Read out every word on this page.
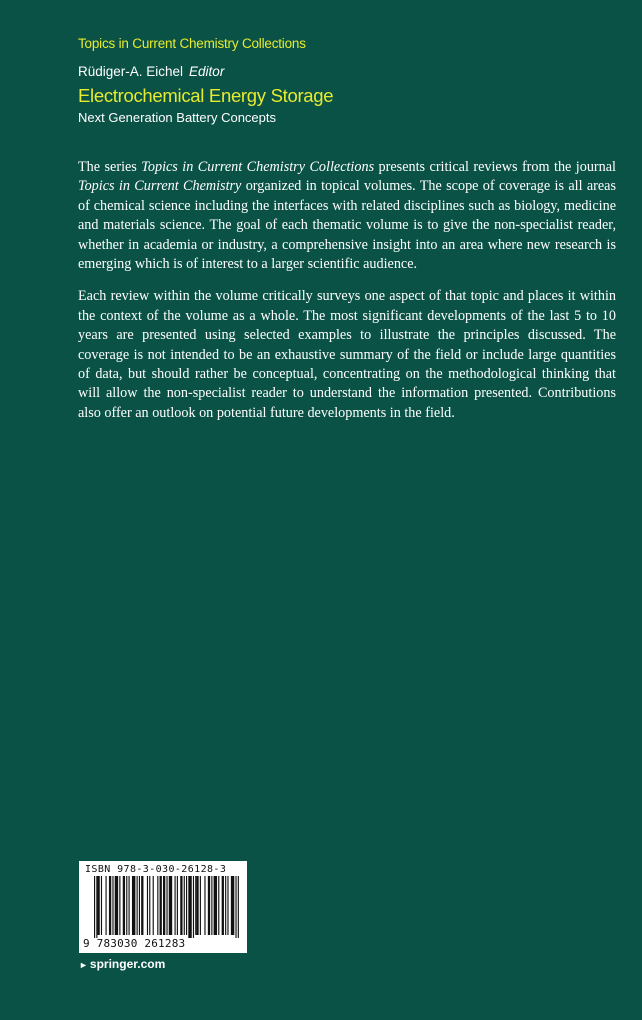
Topics in Current Chemistry Collections
Rüdiger-A. Eichel Editor
Electrochemical Energy Storage
Next Generation Battery Concepts

The series Topics in Current Chemistry Collections presents critical reviews from the journal Topics in Current Chemistry organized in topical volumes. The scope of coverage is all areas of chemical science including the interfaces with related disciplines such as biology, medicine and materials science. The goal of each thematic volume is to give the non-specialist reader, whether in academia or industry, a comprehensive insight into an area where new research is emerging which is of interest to a larger scientific audience.

Each review within the volume critically surveys one aspect of that topic and places it within the context of the volume as a whole. The most significant developments of the last 5 to 10 years are presented using selected examples to illustrate the principles discussed. The coverage is not intended to be an exhaustive summary of the field or include large quantities of data, but should rather be conceptual, concentrating on the methodological thinking that will allow the non-specialist reader to understand the information presented. Contributions also offer an outlook on potential future developments in the field.

ISBN 978-3-030-26128-3
9 783030 261283
► springer.com
